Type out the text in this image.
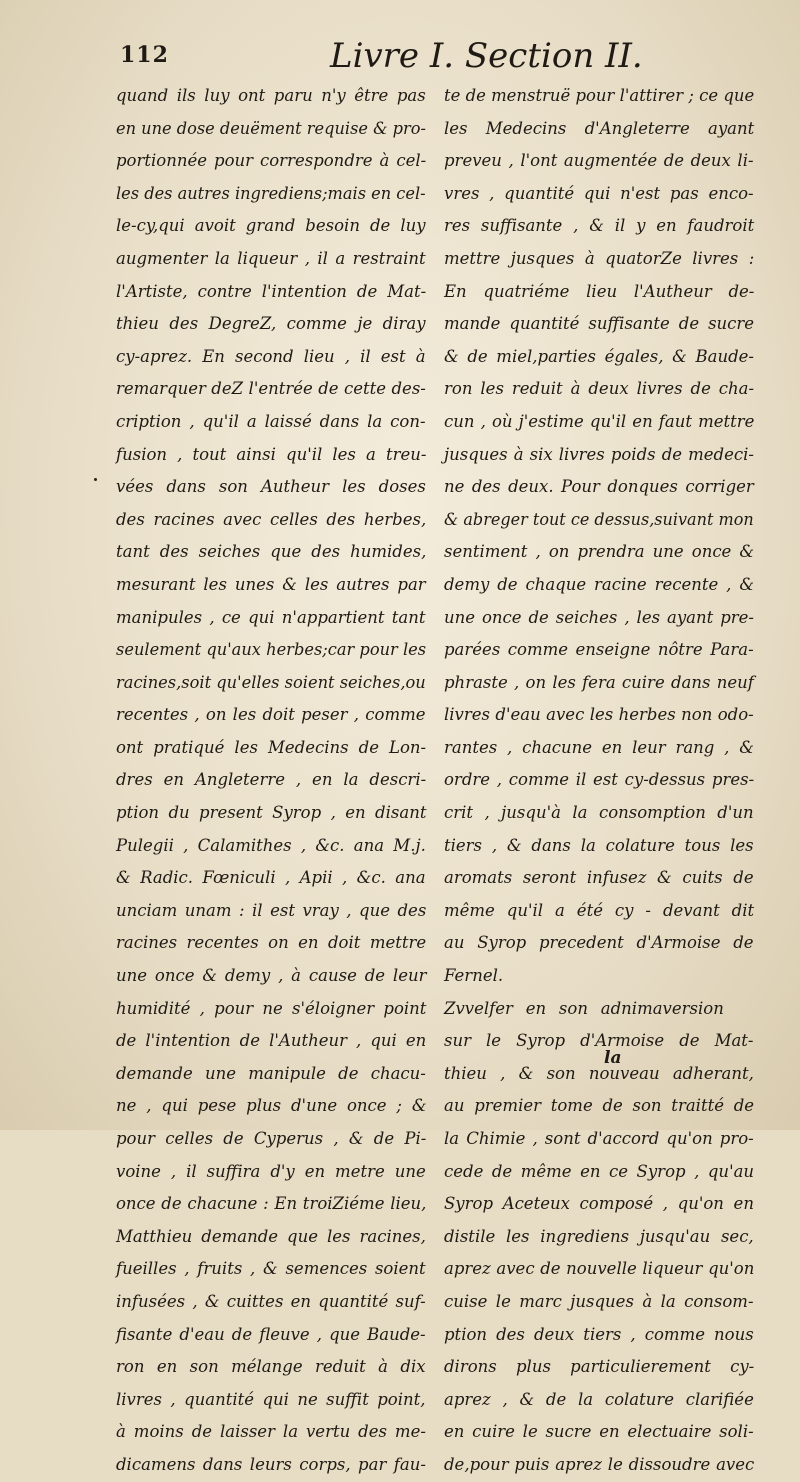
112	Livre I. Section II.
quand ils luy ont paru n'y être pas
en une dose deuëment requise & pro-
portionnée pour correspondre à cel-
les des autres ingrediens;mais en cel-
le-cy,qui avoit grand besoin de luy
augmenter la liqueur , il a restraint
l'Artiste, contre l'intention de Mat-
thieu des DegreZ, comme je diray
cy-aprez. En second lieu , il est à
remarquer deZ l'entrée de cette des-
cription , qu'il a laissé dans la con-
fusion , tout ainsi qu'il les a treu-
vées dans son Autheur les doses
des racines avec celles des herbes,
tant des seiches que des humides,
mesurant les unes & les autres par
manipules , ce qui n'appartient tant
seulement qu'aux herbes;car pour les
racines,soit qu'elles soient seiches,ou
recentes , on les doit peser , comme
ont pratiqué les Medecins de Lon-
dres en Angleterre , en la descri-
ption du present Syrop , en disant
Pulegii , Calamithes , &c. ana M.j.
& Radic. Fœniculi , Apii , &c. ana
unciam unam : il est vray , que des
racines recentes on en doit mettre
une once & demy , à cause de leur
humidité , pour ne s'éloigner point
de l'intention de l'Autheur , qui en
demande une manipule de chacu-
ne , qui pese plus d'une once ; &
pour celles de Cyperus , & de Pi-
voine , il suffira d'y en metre une
once de chacune : En troiZiéme lieu,
Matthieu demande que les racines,
fueilles , fruits , & semences soient
infusées , & cuittes en quantité suf-
fisante d'eau de fleuve , que Baude-
ron en son mélange reduit à dix
livres , quantité qui ne suffit point,
à moins de laisser la vertu des me-
dicamens dans leurs corps, par fau-
te de menstruë pour l'attirer ; ce que
les Medecins d'Angleterre ayant
preveu , l'ont augmentée de deux li-
vres , quantité qui n'est pas enco-
res suffisante , & il y en faudroit
mettre jusques à quatorZe livres :
En quatriéme lieu l'Autheur de-
mande quantité suffisante de sucre
& de miel,parties égales, & Baude-
ron les reduit à deux livres de cha-
cun , où j'estime qu'il en faut mettre
jusques à six livres poids de medeci-
ne des deux. Pour donques corriger
& abreger tout ce dessus,suivant mon
sentiment , on prendra une once &
demy de chaque racine recente , &
une once de seiches , les ayant pre-
parées comme enseigne nôtre Para-
phraste , on les fera cuire dans neuf
livres d'eau avec les herbes non odo-
rantes , chacune en leur rang , &
ordre , comme il est cy-dessus pres-
crit , jusqu'à la consomption d'un
tiers , & dans la colature tous les
aromats seront infusez & cuits de
même qu'il a été cy - devant dit
au Syrop precedent d'Armoise de
Fernel.
Zvvelfer en son adnimaversion
sur le Syrop d'Armoise de Mat-
thieu , & son nouveau adherant,
au premier tome de son traitté de
la Chimie , sont d'accord qu'on pro-
cede de même en ce Syrop , qu'au
Syrop Aceteux composé , qu'on en
distile les ingrediens jusqu'au sec,
aprez avec de nouvelle liqueur qu'on
cuise le marc jusques à la consom-
ption des deux tiers , comme nous
dirons plus particulierement cy-
aprez , & de la colature clarifiée
en cuire le sucre en electuaire soli-
de,pour puis aprez le dissoudre avec
la
